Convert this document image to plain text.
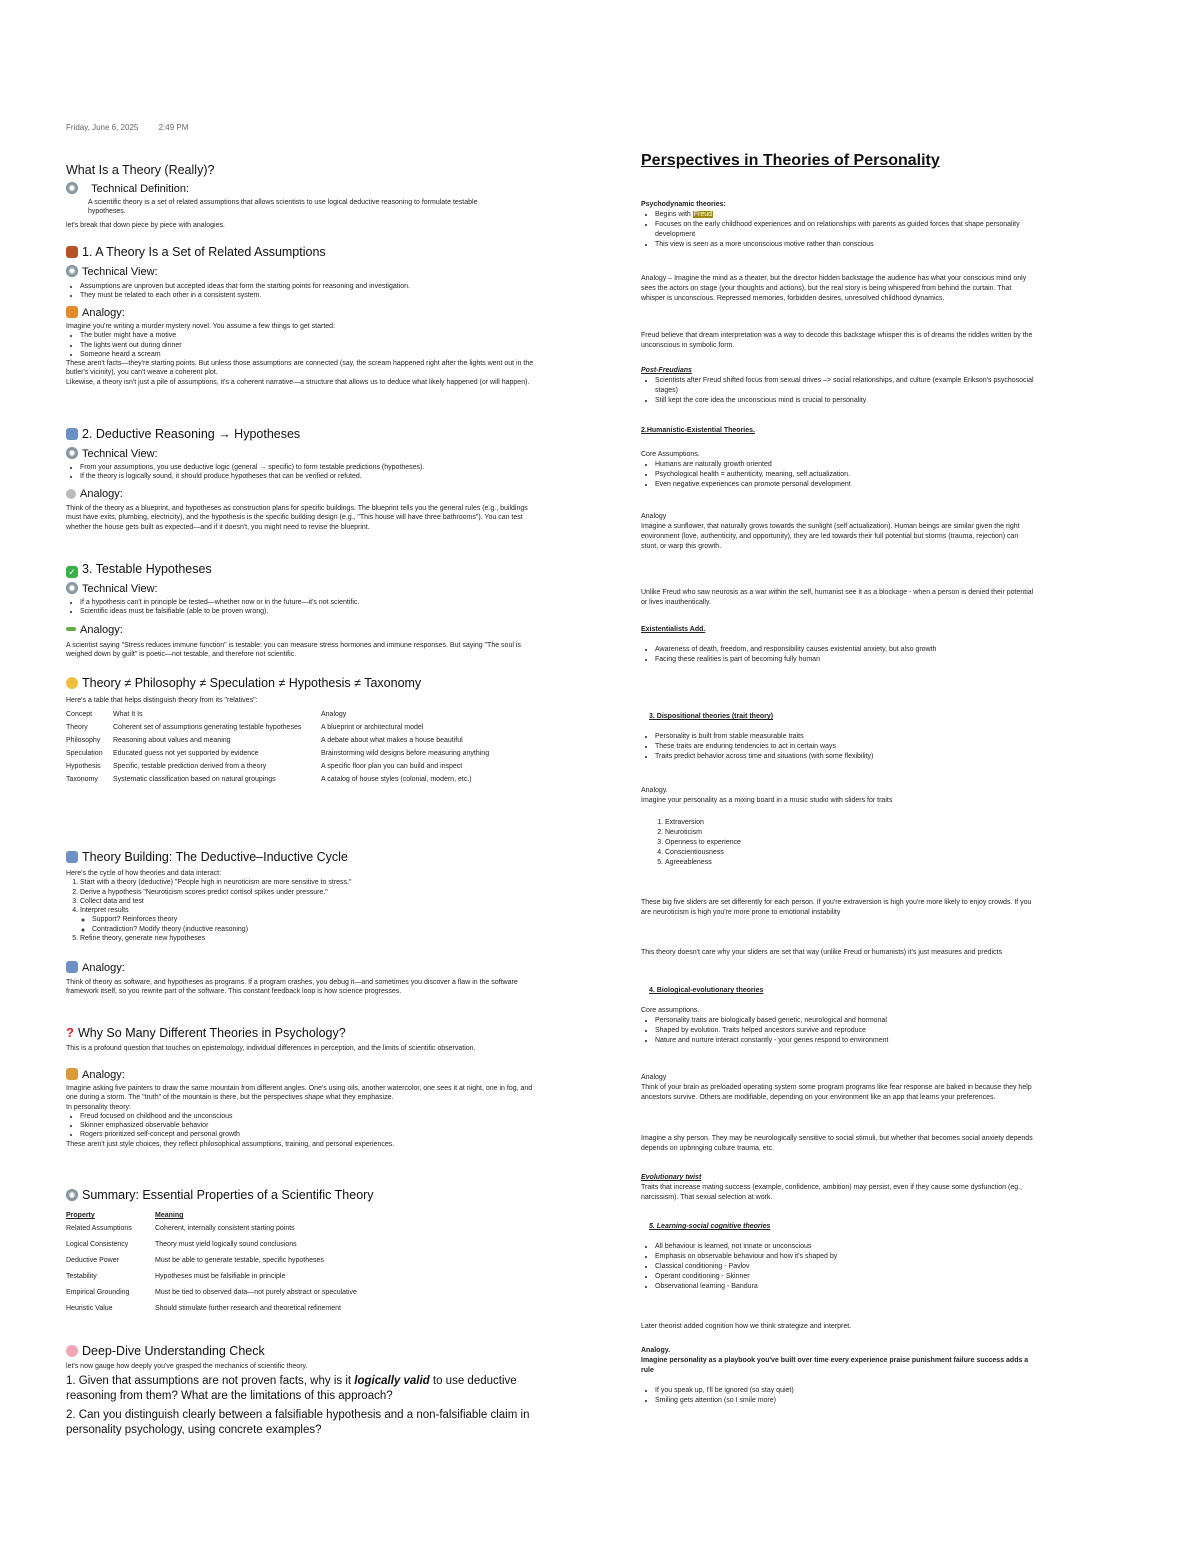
Friday, June 6, 2025	2:49 PM
What Is a Theory (Really)?
Technical Definition:
A scientific theory is a set of related assumptions that allows scientists to use logical deductive reasoning to formulate testable hypotheses.
let's break that down piece by piece with analogies.
1. A Theory Is a Set of Related Assumptions
Technical View:
• Assumptions are unproven but accepted ideas that form the starting points for reasoning and investigation.
• They must be related to each other in a consistent system.
Analogy:

Imagine you're writing a murder mystery novel. You assume a few things to get started:

• The butler might have a motive
• The lights went out during dinner
• Someone heard a scream

These aren't facts—they're starting points. But unless those assumptions are connected (say, the scream happened right after the lights went out in the butler's vicinity), you can't weave a coherent plot.

Likewise, a theory isn't just a pile of assumptions, it's a coherent narrative—a structure that allows us to deduce what likely happened (or will happen).

2. Deductive Reasoning → Hypotheses
Technical View:
• From your assumptions, you use deductive logic (general → specific) to form testable predictions (hypotheses).
• If the theory is logically sound, it should produce hypotheses that can be verified or refuted.
Analogy:
Think of the theory as a blueprint, and hypotheses as construction plans for specific buildings. The blueprint tells you the general rules (e.g., buildings must have exits, plumbing, electricity), and the hypothesis is the specific building design (e.g., "This house will have three bathrooms"). You can test whether the house gets built as expected—and if it doesn't, you might need to revise the blueprint.
✓ 3. Testable Hypotheses
Technical View:
• If a hypothesis can't in principle be tested—whether now or in the future—it's not scientific.
• Scientific ideas must be falsifiable (able to be proven wrong).
Analogy:
A scientist saying "Stress reduces immune function" is testable: you can measure stress hormones and immune responses. But saying "The soul is weighed down by guilt" is poetic—not testable, and therefore not scientific.
Theory ≠ Philosophy ≠ Speculation ≠ Hypothesis ≠ Taxonomy
Here's a table that helps distinguish theory from its "relatives":
Concept	What It Is	Analogy
Theory	Coherent set of assumptions generating testable hypotheses	A blueprint or architectural model
Philosophy	Reasoning about values and meaning	A debate about what makes a house beautiful
Speculation	Educated guess not yet supported by evidence	Brainstorming wild designs before measuring anything
Hypothesis	Specific, testable prediction derived from a theory	A specific floor plan you can build and inspect
Taxonomy	Systematic classification based on natural groupings	A catalog of house styles (colonial, modern, etc.)
Theory Building: The Deductive–Inductive Cycle

Here's the cycle of how theories and data interact:

1. Start with a theory (deductive) "People high in neuroticism are more sensitive to stress."
2. Derive a hypothesis "Neuroticism scores predict cortisol spikes under pressure."
3. Collect data and test
4. Interpret results
◦ Support? Reinforces theory
◦ Contradiction? Modify theory (inductive reasoning)
5. Refine theory, generate new hypotheses
Analogy:
Think of theory as software, and hypotheses as programs. If a program crashes, you debug it—and sometimes you discover a flaw in the software framework itself, so you rewrite part of the software. This constant feedback loop is how science progresses.
? Why So Many Different Theories in Psychology?
This is a profound question that touches on epistemology, individual differences in perception, and the limits of scientific observation.
Analogy:

Imagine asking five painters to draw the same mountain from different angles. One's using oils, another watercolor, one sees it at night, one in fog, and one during a storm. The "truth" of the mountain is there, but the perspectives shape what they emphasize.

In personality theory:

• Freud focused on childhood and the unconscious
• Skinner emphasized observable behavior
• Rogers prioritized self-concept and personal growth

These aren't just style choices, they reflect philosophical assumptions, training, and personal experiences.

Summary: Essential Properties of a Scientific Theory
Property	Meaning
Related Assumptions	Coherent, internally consistent starting points
Logical Consistency	Theory must yield logically sound conclusions
Deductive Power	Must be able to generate testable, specific hypotheses
Testability	Hypotheses must be falsifiable in principle
Empirical Grounding	Must be tied to observed data—not purely abstract or speculative
Heuristic Value	Should stimulate further research and theoretical refinement
Deep-Dive Understanding Check
let's now gauge how deeply you've grasped the mechanics of scientific theory.
1. Given that assumptions are not proven facts, why is it logically valid to use deductive reasoning from them? What are the limitations of this approach?
2. Can you distinguish clearly between a falsifiable hypothesis and a non-falsifiable claim in personality psychology, using concrete examples?
Perspectives in Theories of Personality

Psychodynamic theories:

• Begins with Freud
• Focuses on the early childhood experiences and on relationships with parents as guided forces that shape personality development
• This view is seen as a more unconscious motive rather than conscious
Analogy – Imagine the mind as a theater, but the director hidden backstage the audience has what your conscious mind only sees the actors on stage (your thoughts and actions), but the real story is being whispered from behind the curtain. That whisper is unconscious. Repressed memories, forbidden desires, unresolved childhood dynamics.
Freud believe that dream interpretation was a way to decode this backstage whisper this is of dreams the riddles written by the unconscious in symbolic form.

Post-Freudians

• Scientists after Freud shifted focus from sexual drives –> social relationships, and culture (example Erikson's psychosocial stages)
• Still kept the core idea the unconscious mind is crucial to personality

2.Humanistic-Existential Theories.

Core Assumptions.

• Humans are naturally growth oriented
• Psychological health = authenticity, meaning, self actualization.
• Even negative experiences can promote personal development

Analogy

Imagine a sunflower, that naturally grows towards the sunlight (self actualization). Human beings are similar given the right environment (love, authenticity, and opportunity), they are led towards their full potential but storms (trauma, rejection) can stunt, or warp this growth.

Unlike Freud who saw neurosis as a war within the self, humanist see it as a blockage - when a person is denied their potential or lives inauthentically.

Existentialists Add.

• Awareness of death, freedom, and responsibility causes existential anxiety, but also growth
• Facing these realities is part of becoming fully human

3. Dispositional theories (trait theory)

• Personality is built from stable measurable traits
• These traits are enduring tendencies to act in certain ways
• Traits predict behavior across time and situations (with some flexibility)

Analogy.

Imagine your personality as a mixing board in a music studio with sliders for traits

1. Extraversion
2. Neuroticism
3. Openness to experience
4. Conscientiousness
5. Agreeableness
These big five sliders are set differently for each person. If you're extraversion is high you're more likely to enjoy crowds. If you are neuroticism is high you're more prone to emotional instability
This theory doesn't care why your sliders are set that way (unlike Freud or humanists) it's just measures and predicts

4. Biological-evolutionary theories

Core assumptions.

• Personality traits are biologically based genetic, neurological and hormonal
• Shaped by evolution. Traits helped ancestors survive and reproduce
• Nature and nurture interact constantly - your genes respond to environment

Analogy

Think of your brain as preloaded operating system some program programs like fear response are baked in because they help ancestors survive. Others are modifiable, depending on your environment like an app that learns your preferences.

Imagine a shy person. They may be neurologically sensitive to social stimuli, but whether that becomes social anxiety depends depends on upbringing culture trauma, etc.

Evolutionary twist

Traits that increase mating success (example, confidence, ambition) may persist, even if they cause some dysfunction (eg., narcissism). That sexual selection at work.

5. Learning-social cognitive theories

• All behaviour is learned, not innate or unconscious
• Emphasis on observable behaviour and how it's shaped by
• Classical conditioning - Pavlov
• Operant conditioning - Skinner
• Observational learning - Bandura
Later theorist added cognition how we think strategize and interpret.

Analogy.

Imagine personality as a playbook you've built over time every experience praise punishment failure success adds a rule

• If you speak up, I'll be ignored (so stay quiet)
• Smiling gets attention (so I smile more)
